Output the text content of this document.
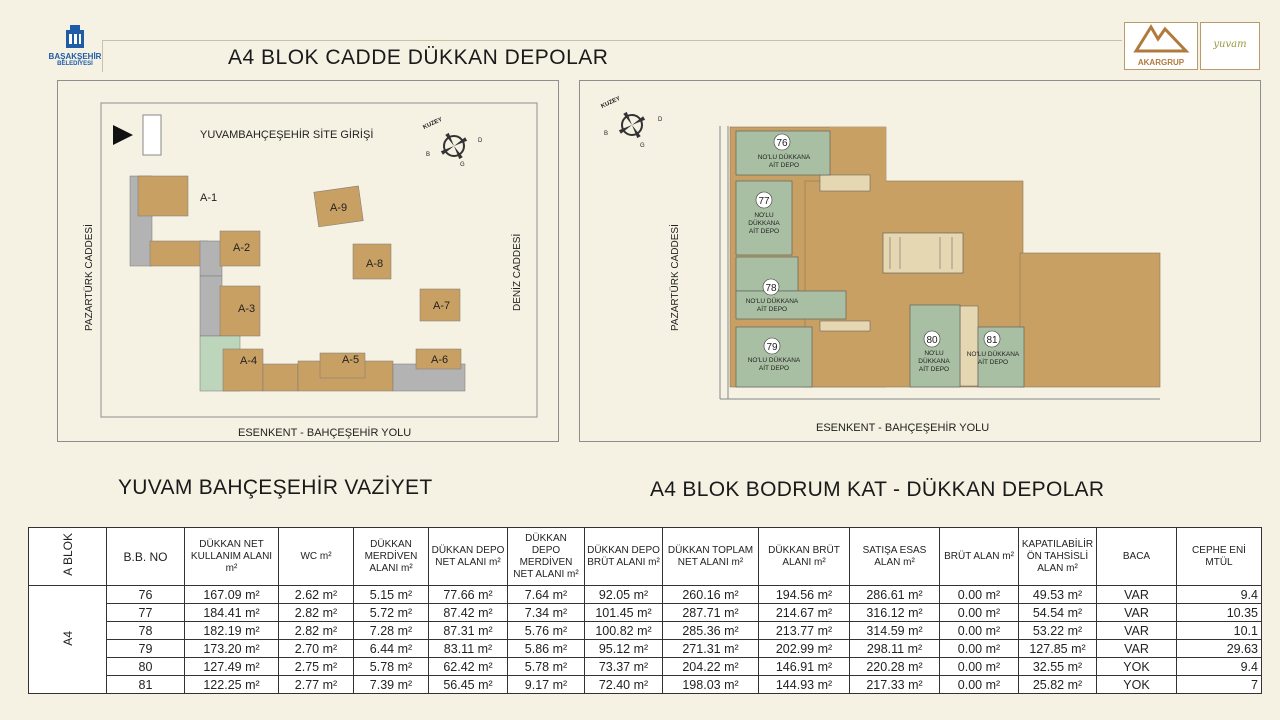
BAŞAKŞEHİR
BELEDİYESİ	A4 BLOK CADDE DÜKKAN DEPOLAR	AKARGRUP
yuvam
YUVAMBAHÇEŞEHİR SİTE GİRİŞİ
KUZEY
B
D
G
PAZARTÜRK CADDESİ	DENİZ CADDESİ
ESENKENT - BAHÇEŞEHİR YOLU
A-1
A-2
A-3
A-4	A-5	A-6
A-7
A-8
A-9
KUZEY
B
D
G
PAZARTÜRK CADDESİ
ESENKENT - BAHÇEŞEHİR YOLU
76
NO'LU DÜKKANA
AİT DEPO
77
NO'LU
DÜKKANA
AİT DEPO
78
NO'LU DÜKKANA
AİT DEPO
79
NO'LU DÜKKANA
AİT DEPO
80
NO'LU
DÜKKANA
AİT DEPO
81
NO'LU DÜKKANA
AİT DEPO
YUVAM BAHÇEŞEHİR VAZİYET	A4 BLOK BODRUM KAT - DÜKKAN DEPOLAR
A BLOK	B.B. NO	DÜKKAN NET KULLANIM ALANI m²	WC m²	DÜKKAN MERDİVEN ALANI m²	DÜKKAN DEPO NET ALANI m²	DÜKKAN DEPO MERDİVEN NET ALANI m²	DÜKKAN DEPO BRÜT ALANI m²	DÜKKAN TOPLAM NET ALANI m²	DÜKKAN BRÜT ALANI m²	SATIŞA ESAS ALAN m²	BRÜT ALAN m²	KAPATILABİLİR ÖN TAHSİSLİ ALAN m²	BACA	CEPHE ENİ MTÜL
A4	76	167.09 m²	2.62 m²	5.15 m²	77.66 m²	7.64 m²	92.05 m²	260.16 m²	194.56 m²	286.61 m²	0.00 m²	49.53 m²	VAR	9.4
	77	184.41 m²	2.82 m²	5.72 m²	87.42 m²	7.34 m²	101.45 m²	287.71 m²	214.67 m²	316.12 m²	0.00 m²	54.54 m²	VAR	10.35
	78	182.19 m²	2.82 m²	7.28 m²	87.31 m²	5.76 m²	100.82 m²	285.36 m²	213.77 m²	314.59 m²	0.00 m²	53.22 m²	VAR	10.1
	79	173.20 m²	2.70 m²	6.44 m²	83.11 m²	5.86 m²	95.12 m²	271.31 m²	202.99 m²	298.11 m²	0.00 m²	127.85 m²	VAR	29.63
	80	127.49 m²	2.75 m²	5.78 m²	62.42 m²	5.78 m²	73.37 m²	204.22 m²	146.91 m²	220.28 m²	0.00 m²	32.55 m²	YOK	9.4
	81	122.25 m²	2.77 m²	7.39 m²	56.45 m²	9.17 m²	72.40 m²	198.03 m²	144.93 m²	217.33 m²	0.00 m²	25.82 m²	YOK	7
